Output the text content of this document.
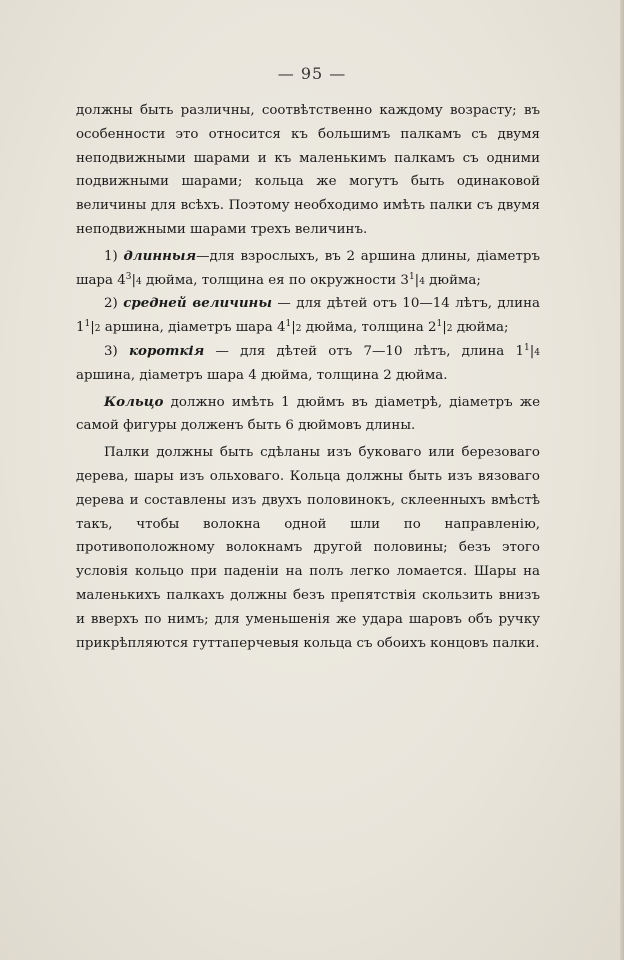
— 95 —

должны быть различны, соотвѣтственно каждому возрасту; въ особенности это относится къ большимъ палкамъ съ двумя неподвижными шарами и къ маленькимъ палкамъ съ одними подвижными шарами; кольца же могутъ быть одинаковой величины для всѣхъ. Поэтому необходимо имѣть палки съ двумя неподвижными шарами трехъ величинъ.

1) длинныя—для взрослыхъ, въ 2 аршина длины, діаметръ шара $4^3|4$ дюйма, толщина ея по окружности $3^1|4$ дюйма;

2) средней величины — для дѣтей отъ 10—14 лѣтъ, длина $1^1|2$ аршина, діаметръ шара $4^1|2$ дюйма, толщина $2^1|2$ дюйма;

3) короткія — для дѣтей отъ 7—10 лѣтъ, длина $1^1|4$ аршина, діаметръ шара 4 дюйма, толщина 2 дюйма.

Кольцо должно имѣть 1 дюймъ въ діаметрѣ, діаметръ же самой фигуры долженъ быть 6 дюймовъ длины.

Палки должны быть сдѣланы изъ буковаго или березоваго дерева, шары изъ ольховаго. Кольца должны быть изъ вязоваго дерева и составлены изъ двухъ половинокъ, склеенныхъ вмѣстѣ такъ, чтобы волокна одной шли по направленію, противоположному волокнамъ другой половины; безъ этого условія кольцо при паденіи на полъ легко ломается. Шары на маленькихъ палкахъ должны безъ препятствія скользить внизъ и вверхъ по нимъ; для уменьшенія же удара шаровъ объ ручку прикрѣпляются гуттаперчевыя кольца съ обоихъ концовъ палки.
